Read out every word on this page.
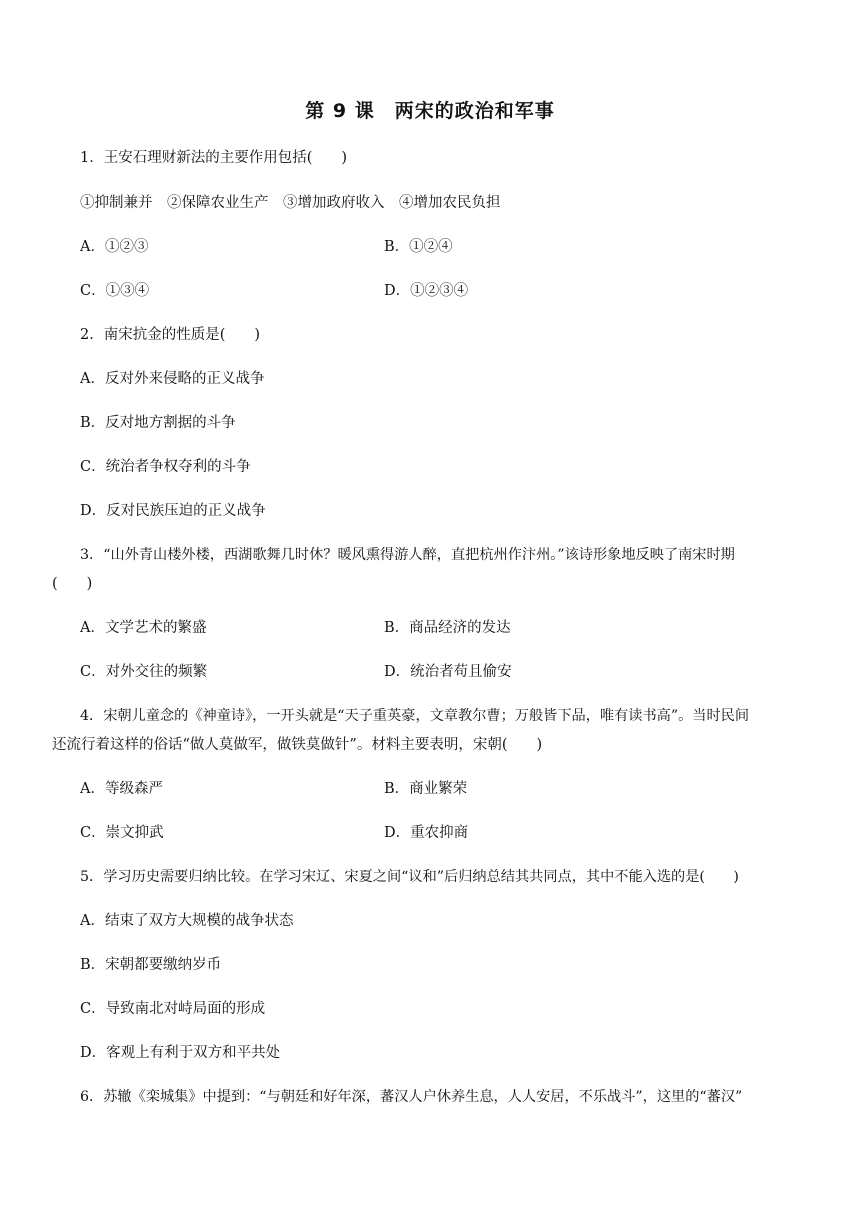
第 9 课　两宋的政治和军事
1．王安石理财新法的主要作用包括(　　)
①抑制兼并　②保障农业生产　③增加政府收入　④增加农民负担
A．①②③	B．①②④
C．①③④	D．①②③④
2．南宋抗金的性质是(　　)
A．反对外来侵略的正义战争
B．反对地方割据的斗争
C．统治者争权夺利的斗争
D．反对民族压迫的正义战争
3．“山外青山楼外楼，西湖歌舞几时休？暖风熏得游人醉，直把杭州作汴州。”该诗形象地反映了南宋时期
(　　)
A．文学艺术的繁盛	B．商品经济的发达
C．对外交往的频繁	D．统治者苟且偷安
4．宋朝儿童念的《神童诗》，一开头就是“天子重英豪，文章教尔曹；万般皆下品，唯有读书高”。当时民间
还流行着这样的俗话“做人莫做军，做铁莫做针”。材料主要表明，宋朝(　　)
A．等级森严	B．商业繁荣
C．崇文抑武	D．重农抑商
5．学习历史需要归纳比较。在学习宋辽、宋夏之间“议和”后归纳总结其共同点，其中不能入选的是(　　)
A．结束了双方大规模的战争状态
B．宋朝都要缴纳岁币
C．导致南北对峙局面的形成
D．客观上有利于双方和平共处
6．苏辙《栾城集》中提到：“与朝廷和好年深，蕃汉人户休养生息，人人安居，不乐战斗”，这里的“蕃汉”
